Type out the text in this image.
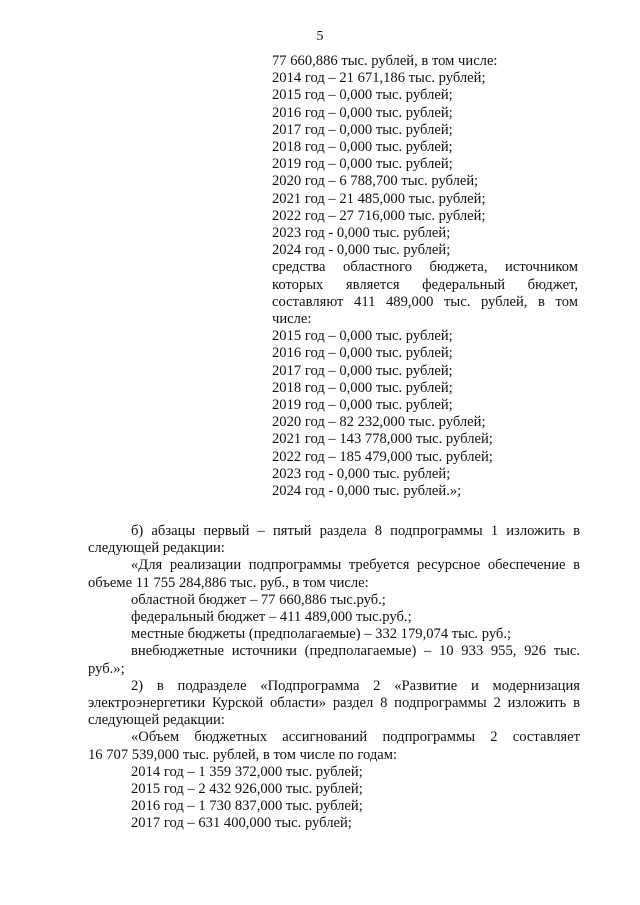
5
77 660,886 тыс. рублей, в том числе:
2014 год – 21 671,186 тыс. рублей;
2015 год – 0,000 тыс. рублей;
2016 год – 0,000 тыс. рублей;
2017 год – 0,000 тыс. рублей;
2018 год – 0,000 тыс. рублей;
2019 год – 0,000 тыс. рублей;
2020 год – 6 788,700 тыс. рублей;
2021 год – 21 485,000 тыс. рублей;
2022 год – 27 716,000 тыс. рублей;
2023 год - 0,000 тыс. рублей;
2024 год - 0,000 тыс. рублей;
средства областного бюджета, источником
которых является федеральный бюджет,
составляют 411 489,000 тыс. рублей, в том
числе:
2015 год – 0,000 тыс. рублей;
2016 год – 0,000 тыс. рублей;
2017 год – 0,000 тыс. рублей;
2018 год – 0,000 тыс. рублей;
2019 год – 0,000 тыс. рублей;
2020 год – 82 232,000 тыс. рублей;
2021 год – 143 778,000 тыс. рублей;
2022 год – 185 479,000 тыс. рублей;
2023 год - 0,000 тыс. рублей;
2024 год - 0,000 тыс. рублей.»;
б) абзацы первый – пятый раздела 8 подпрограммы 1 изложить в
следующей редакции:
«Для реализации подпрограммы требуется ресурсное обеспечение в
объеме 11 755 284,886 тыс. руб., в том числе:
областной бюджет – 77 660,886 тыс.руб.;
федеральный бюджет – 411 489,000 тыс.руб.;
местные бюджеты (предполагаемые) – 332 179,074 тыс. руб.;
внебюджетные источники (предполагаемые) – 10 933 955, 926 тыс.
руб.»;
2) в подразделе «Подпрограмма 2 «Развитие и модернизация
электроэнергетики Курской области» раздел 8 подпрограммы 2 изложить в
следующей редакции:
«Объем бюджетных ассигнований подпрограммы 2 составляет
16 707 539,000 тыс. рублей, в том числе по годам:
2014 год – 1 359 372,000 тыс. рублей;
2015 год – 2 432 926,000 тыс. рублей;
2016 год – 1 730 837,000 тыс. рублей;
2017 год – 631 400,000 тыс. рублей;
